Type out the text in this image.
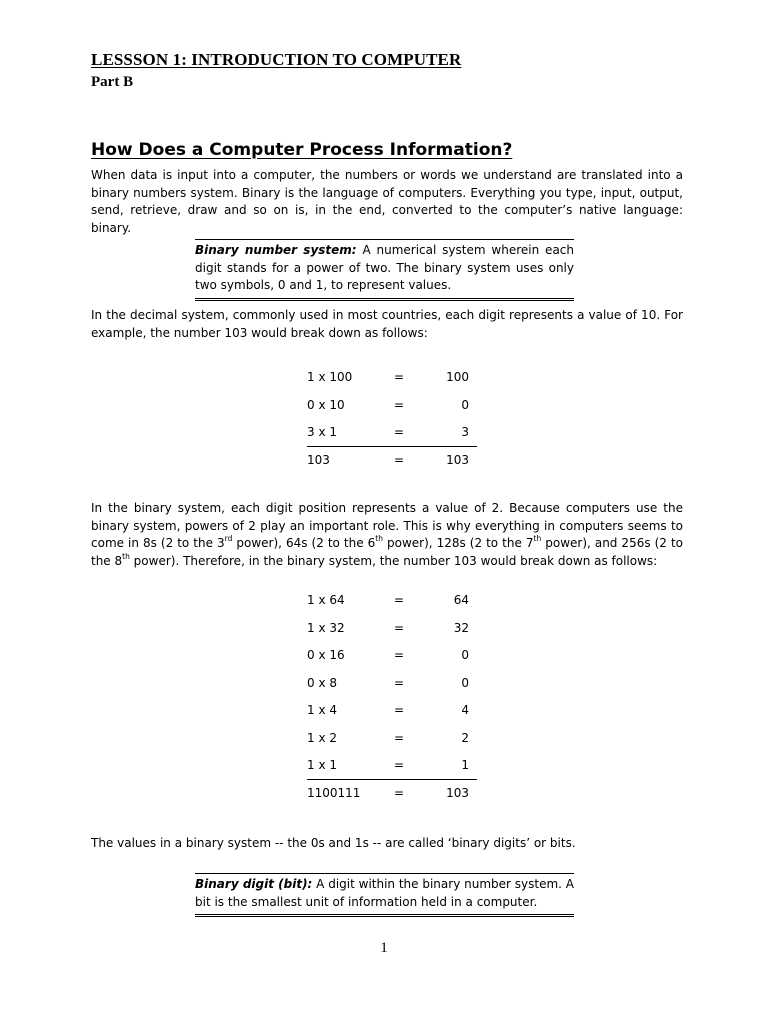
LESSSON 1: INTRODUCTION TO COMPUTER
Part B
How Does a Computer Process Information?
When data is input into a computer, the numbers or words we understand are translated into a binary numbers system. Binary is the language of computers. Everything you type, input, output, send, retrieve, draw and so on is, in the end, converted to the computer’s native language: binary.
Binary number system: A numerical system wherein each digit stands for a power of two. The binary system uses only two symbols, 0 and 1, to represent values.
In the decimal system, commonly used in most countries, each digit represents a value of 10. For example, the number 103 would break down as follows:
1 x 100	=	100
0 x 10	=	0
3 x 1	=	3
103	=	103
In the binary system, each digit position represents a value of 2. Because computers use the binary system, powers of 2 play an important role. This is why everything in computers seems to come in 8s (2 to the 3rd power), 64s (2 to the 6th power), 128s (2 to the 7th power), and 256s (2 to the 8th power). Therefore, in the binary system, the number 103 would break down as follows:
1 x 64	=	64
1 x 32	=	32
0 x 16	=	0
0 x 8	=	0
1 x 4	=	4
1 x 2	=	2
1 x 1	=	1
1100111	=	103
The values in a binary system -- the 0s and 1s -- are called ‘binary digits’ or bits.
Binary digit (bit): A digit within the binary number system. A bit is the smallest unit of information held in a computer.
1
